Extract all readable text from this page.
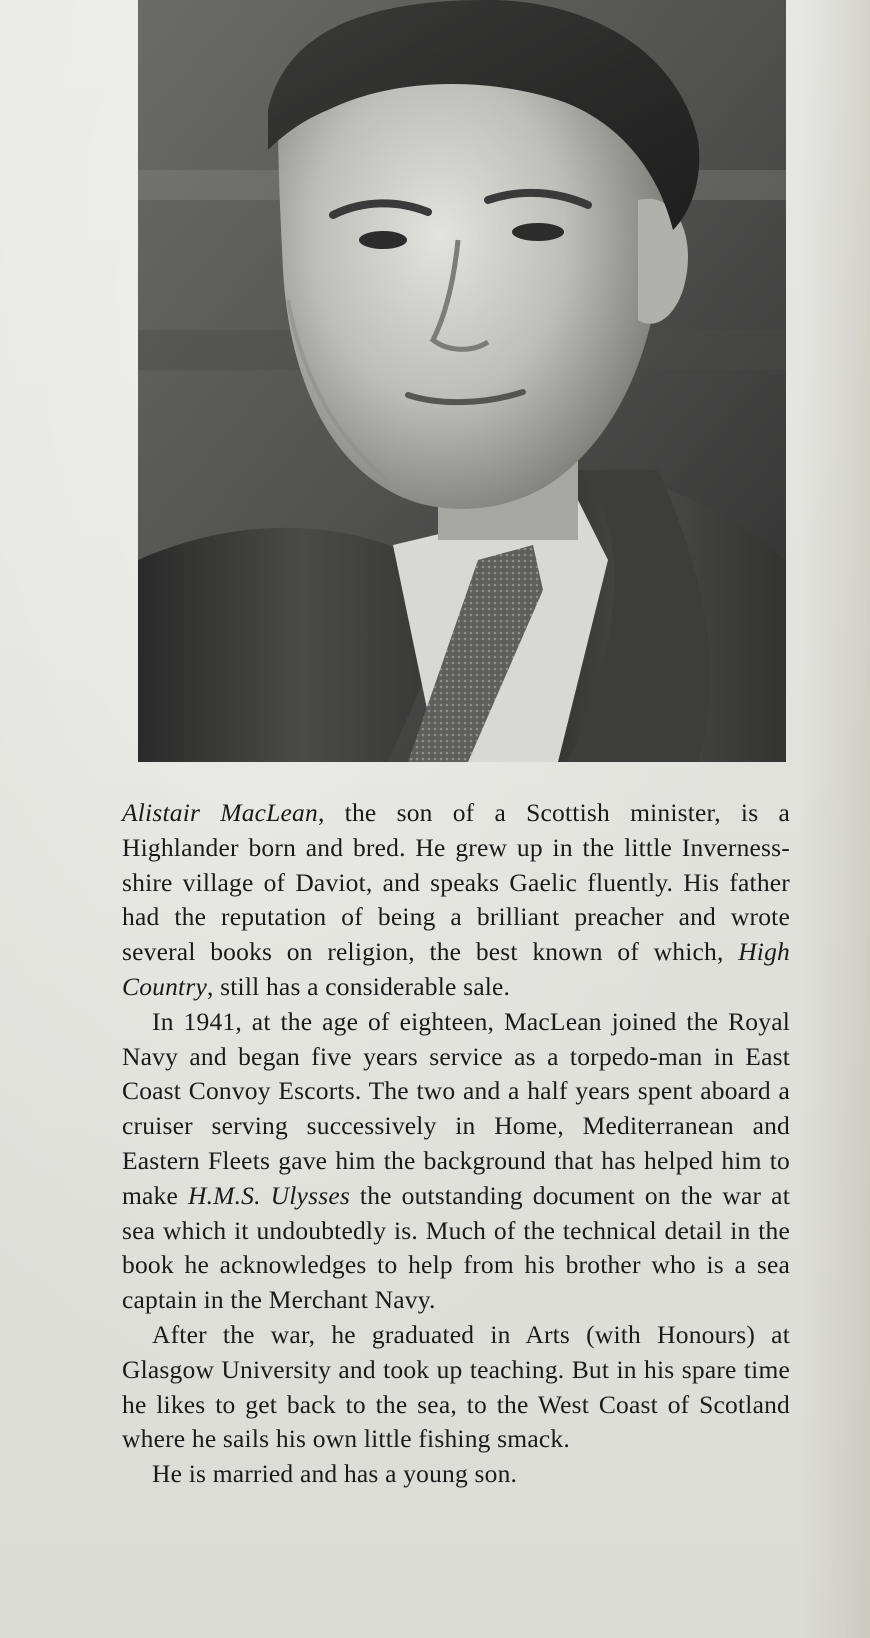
Alistair MacLean, the son of a Scottish minister, is a Highlander born and bred. He grew up in the little Inverness-shire village of Daviot, and speaks Gaelic fluently. His father had the reputation of being a brilliant preacher and wrote several books on religion, the best known of which, High Country, still has a considerable sale.

In 1941, at the age of eighteen, MacLean joined the Royal Navy and began five years service as a torpedo-man in East Coast Convoy Escorts. The two and a half years spent aboard a cruiser serving successively in Home, Mediterranean and Eastern Fleets gave him the background that has helped him to make H.M.S. Ulysses the outstanding document on the war at sea which it undoubtedly is. Much of the technical detail in the book he acknowledges to help from his brother who is a sea captain in the Merchant Navy.

After the war, he graduated in Arts (with Honours) at Glasgow University and took up teaching. But in his spare time he likes to get back to the sea, to the West Coast of Scotland where he sails his own little fishing smack.

He is married and has a young son.
